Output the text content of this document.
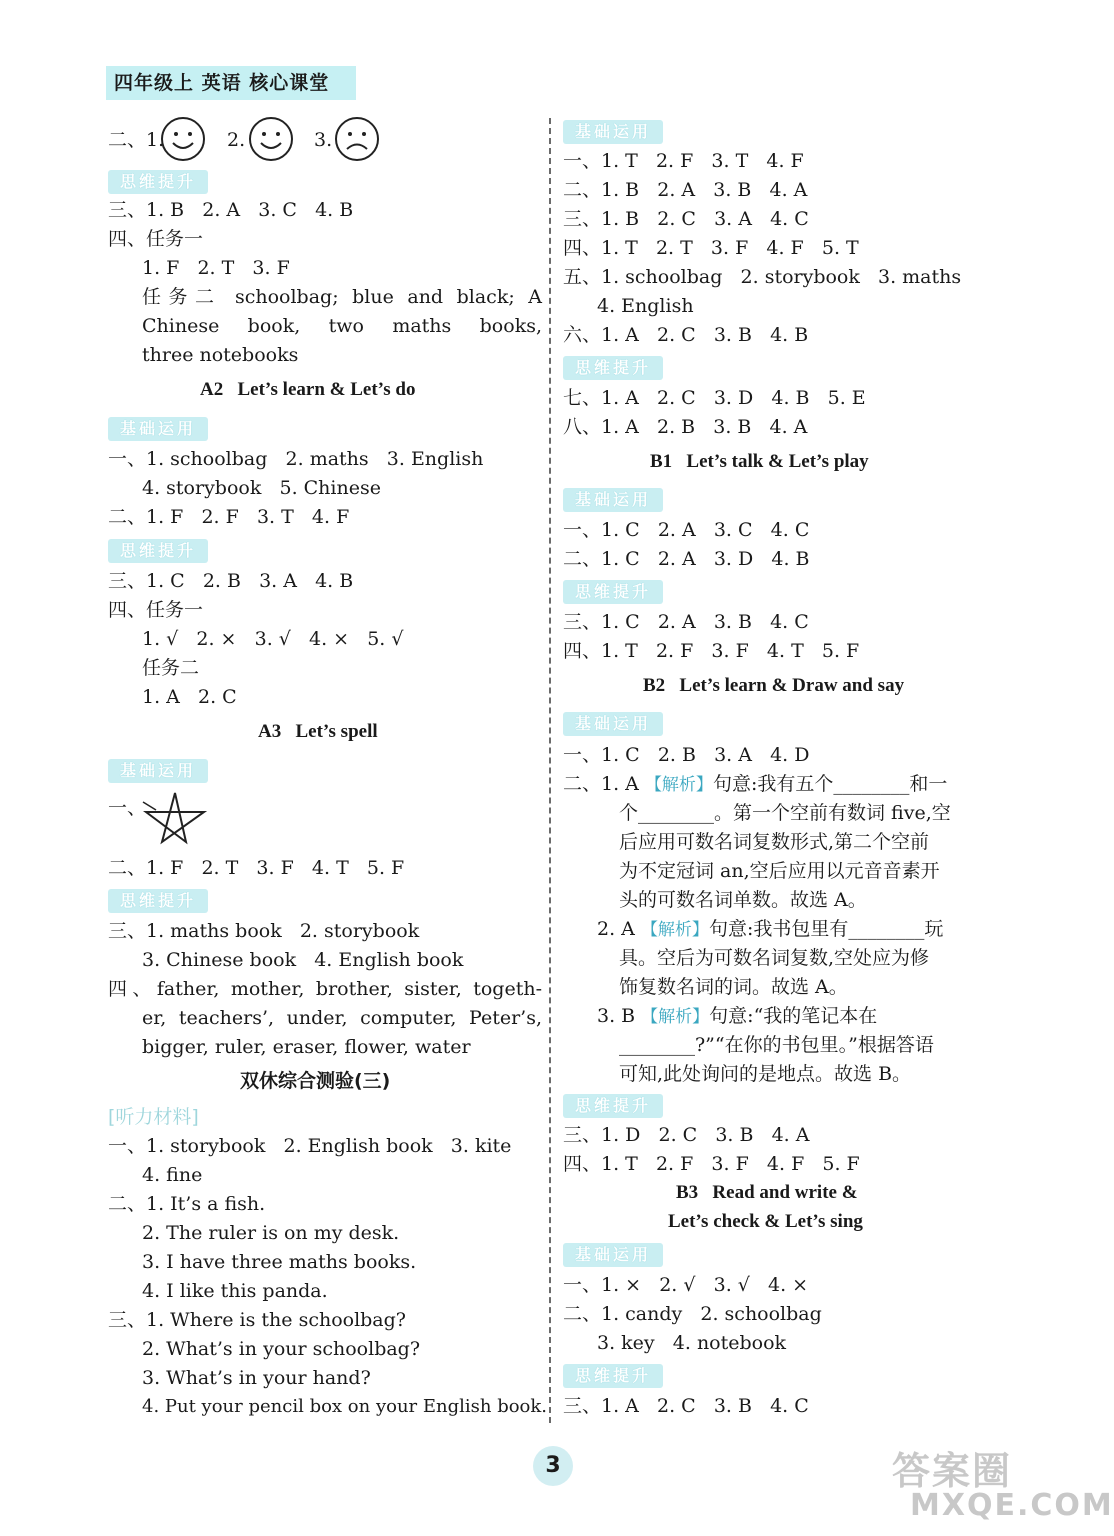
四年级上 英语 核心课堂
二、1.	2.	3.
思维提升
三、1. B   2. A   3. C   4. B
四、任务一
1. F   2. T   3. F
任务二 schoolbag; blue and black; A
Chinese book, two maths books,
three notebooks
A2   Let’s learn & Let’s do
基础运用
一、1. schoolbag   2. maths   3. English
4. storybook   5. Chinese
二、1. F   2. F   3. T   4. F
思维提升
三、1. C   2. B   3. A   4. B
四、任务一
1. √   2. ×   3. √   4. ×   5. √
任务二
1. A   2. C
A3   Let’s spell
基础运用
一、
二、1. F   2. T   3. F   4. T   5. F
思维提升
三、1. maths book   2. storybook
3. Chinese book   4. English book
四、father, mother, brother, sister, togeth-
er, teachers’, under, computer, Peter’s,
bigger, ruler, eraser, flower, water
双休综合测验(三)
[听力材料]
一、1. storybook   2. English book   3. kite
4. fine
二、1. It’s a fish.
2. The ruler is on my desk.
3. I have three maths books.
4. I like this panda.
三、1. Where is the schoolbag?
2. What’s in your schoolbag?
3. What’s in your hand?
4. Put your pencil box on your English book.
基础运用
一、1. T   2. F   3. T   4. F
二、1. B   2. A   3. B   4. A
三、1. B   2. C   3. A   4. C
四、1. T   2. T   3. F   4. F   5. T
五、1. schoolbag   2. storybook   3. maths
4. English
六、1. A   2. C   3. B   4. B
思维提升
七、1. A   2. C   3. D   4. B   5. E
八、1. A   2. B   3. B   4. A
B1   Let’s talk & Let’s play
基础运用
一、1. C   2. A   3. C   4. C
二、1. C   2. A   3. D   4. B
思维提升
三、1. C   2. A   3. B   4. C
四、1. T   2. F   3. F   4. T   5. F
B2   Let’s learn & Draw and say
基础运用
一、1. C   2. B   3. A   4. D
二、1. A 【解析】句意:我有五个________和一
个________。第一个空前有数词 five,空
后应用可数名词复数形式,第二个空前
为不定冠词 an,空后应用以元音音素开
头的可数名词单数。故选 A。
2. A 【解析】句意:我书包里有________玩
具。空后为可数名词复数,空处应为修
饰复数名词的词。故选 A。
3. B 【解析】句意:“我的笔记本在
________?”“在你的书包里。”根据答语
可知,此处询问的是地点。故选 B。
思维提升
三、1. D   2. C   3. B   4. A
四、1. T   2. F   3. F   4. F   5. F
B3   Read and write &
Let’s check & Let’s sing
基础运用
一、1. ×   2. √   3. √   4. ×
二、1. candy   2. schoolbag
3. key   4. notebook
思维提升
三、1. A   2. C   3. B   4. C
3	答案圈
MXQE.COM
